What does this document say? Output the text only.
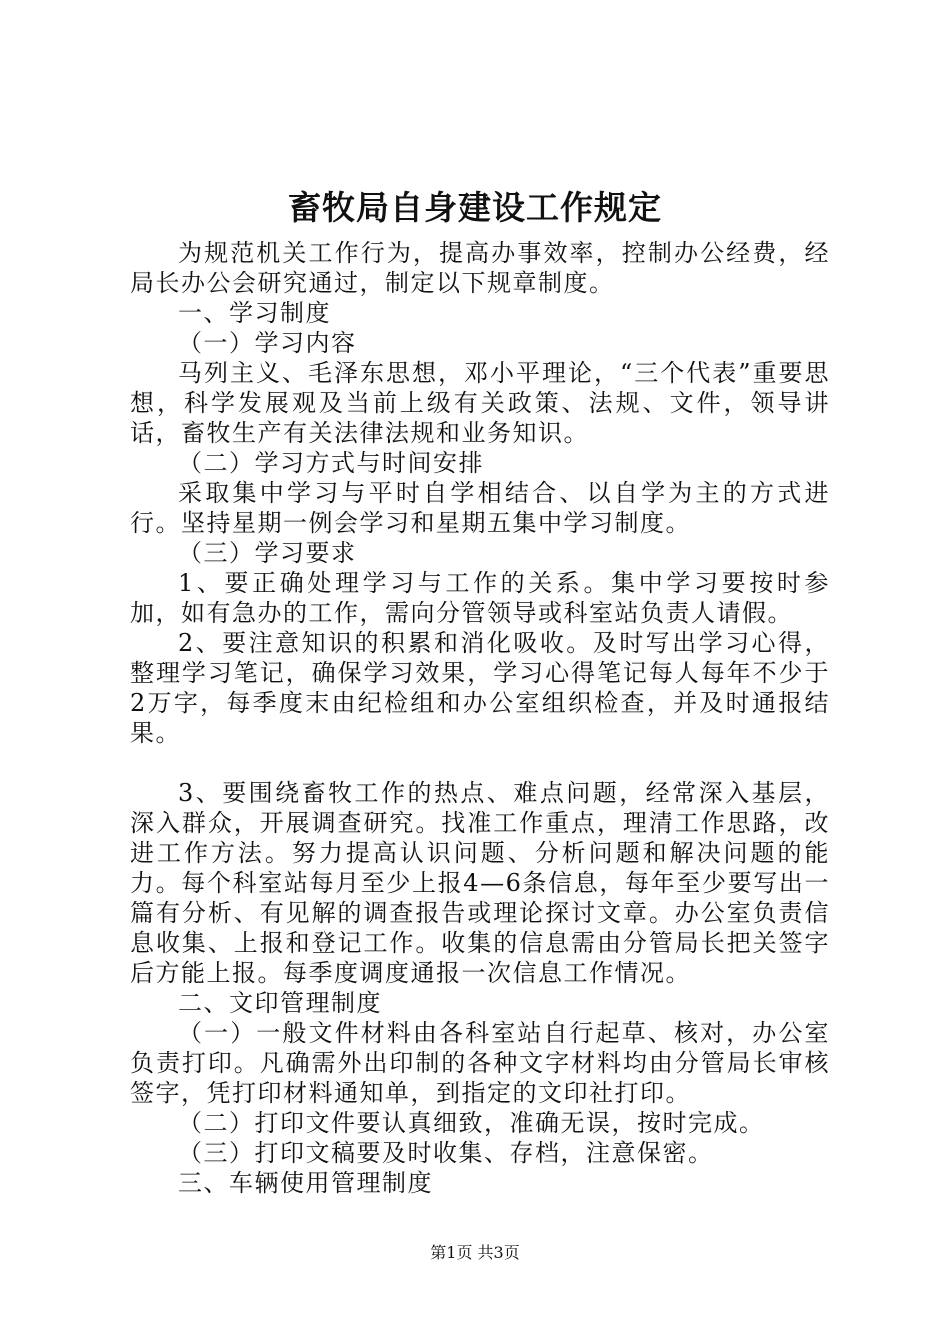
畜牧局自身建设工作规定

为规范机关工作行为，提高办事效率，控制办公经费，经局长办公会研究通过，制定以下规章制度。

一、学习制度

（一）学习内容

马列主义、毛泽东思想，邓小平理论，“三个代表”重要思想，科学发展观及当前上级有关政策、法规、文件，领导讲话，畜牧生产有关法律法规和业务知识。

（二）学习方式与时间安排

采取集中学习与平时自学相结合、以自学为主的方式进行。坚持星期一例会学习和星期五集中学习制度。

（三）学习要求

1、要正确处理学习与工作的关系。集中学习要按时参加，如有急办的工作，需向分管领导或科室站负责人请假。

2、要注意知识的积累和消化吸收。及时写出学习心得，整理学习笔记，确保学习效果，学习心得笔记每人每年不少于2万字，每季度末由纪检组和办公室组织检查，并及时通报结果。

3、要围绕畜牧工作的热点、难点问题，经常深入基层，深入群众，开展调查研究。找准工作重点，理清工作思路，改进工作方法。努力提高认识问题、分析问题和解决问题的能力。每个科室站每月至少上报4—6条信息，每年至少要写出一篇有分析、有见解的调查报告或理论探讨文章。办公室负责信息收集、上报和登记工作。收集的信息需由分管局长把关签字后方能上报。每季度调度通报一次信息工作情况。

二、文印管理制度

（一）一般文件材料由各科室站自行起草、核对，办公室负责打印。凡确需外出印制的各种文字材料均由分管局长审核签字，凭打印材料通知单，到指定的文印社打印。

（二）打印文件要认真细致，准确无误，按时完成。

（三）打印文稿要及时收集、存档，注意保密。

三、车辆使用管理制度

第1页 共3页
